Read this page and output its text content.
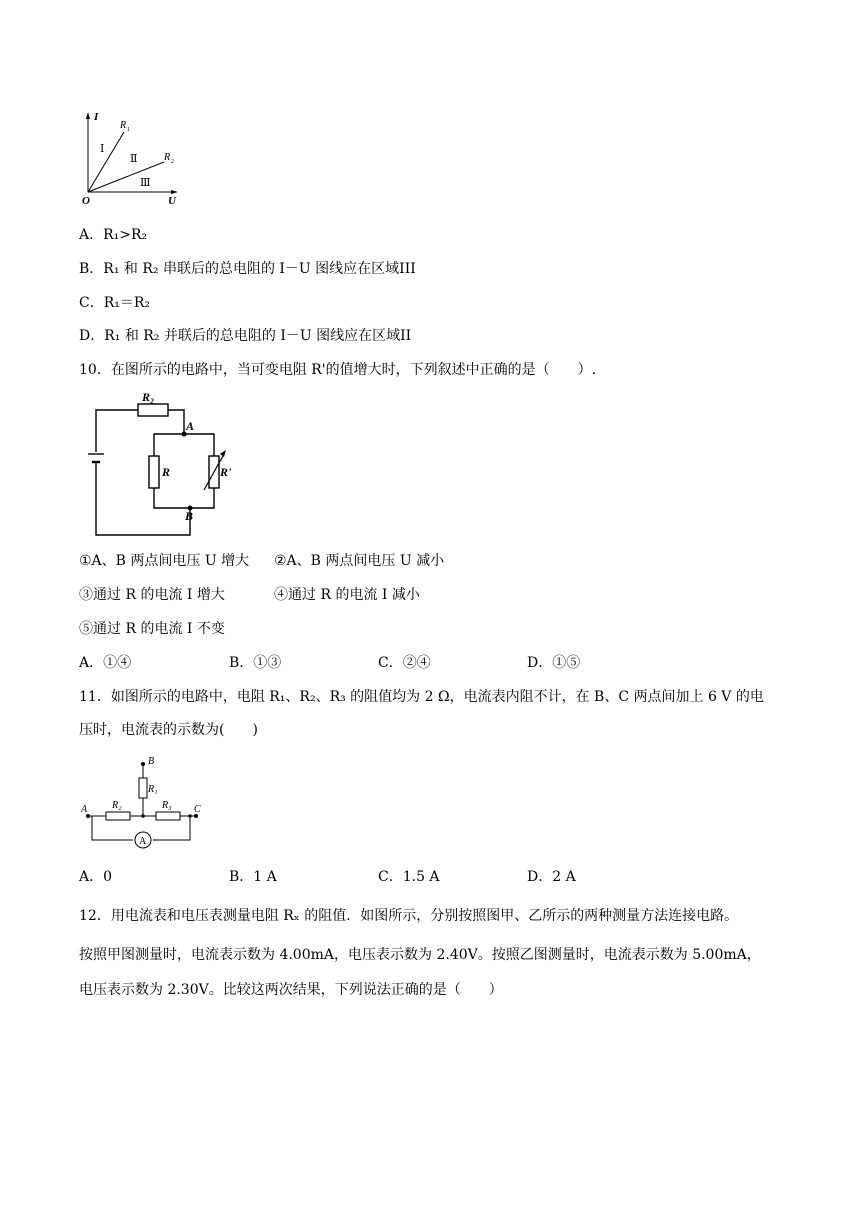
I
U
O
R 1
R 2
Ⅰ
Ⅱ
Ⅲ
A．R₁>R₂
B．R₁ 和 R₂ 串联后的总电阻的 I－U 图线应在区域III
C．R₁＝R₂
D．R₁ 和 R₂ 并联后的总电阻的 I－U 图线应在区域II
10．在图所示的电路中，当可变电阻 R'的值增大时，下列叙述中正确的是（　　）.
R₂
A
B
R	R'
①A、B 两点间电压 U 增大 ②A、B 两点间电压 U 减小
③通过 R 的电流 I 增大	④通过 R 的电流 I 减小
⑤通过 R 的电流 I 不变
A．①④	B．①③	C．②④	D．①⑤
11．如图所示的电路中，电阻 R₁、R₂、R₃ 的阻值均为 2 Ω，电流表内阻不计，在 B、C 两点间加上 6 V 的电
压时，电流表的示数为(　　)
A
B
R₁
A R₂	R₃ C
A．0	B．1 A	C．1.5 A	D．2 A
12．用电流表和电压表测量电阻 Rₓ 的阻值．如图所示，分别按照图甲、乙所示的两种测量方法连接电路。
按照甲图测量时，电流表示数为 4.00mA，电压表示数为 2.40V。按照乙图测量时，电流表示数为 5.00mA，
电压表示数为 2.30V。比较这两次结果，下列说法正确的是（　　）
